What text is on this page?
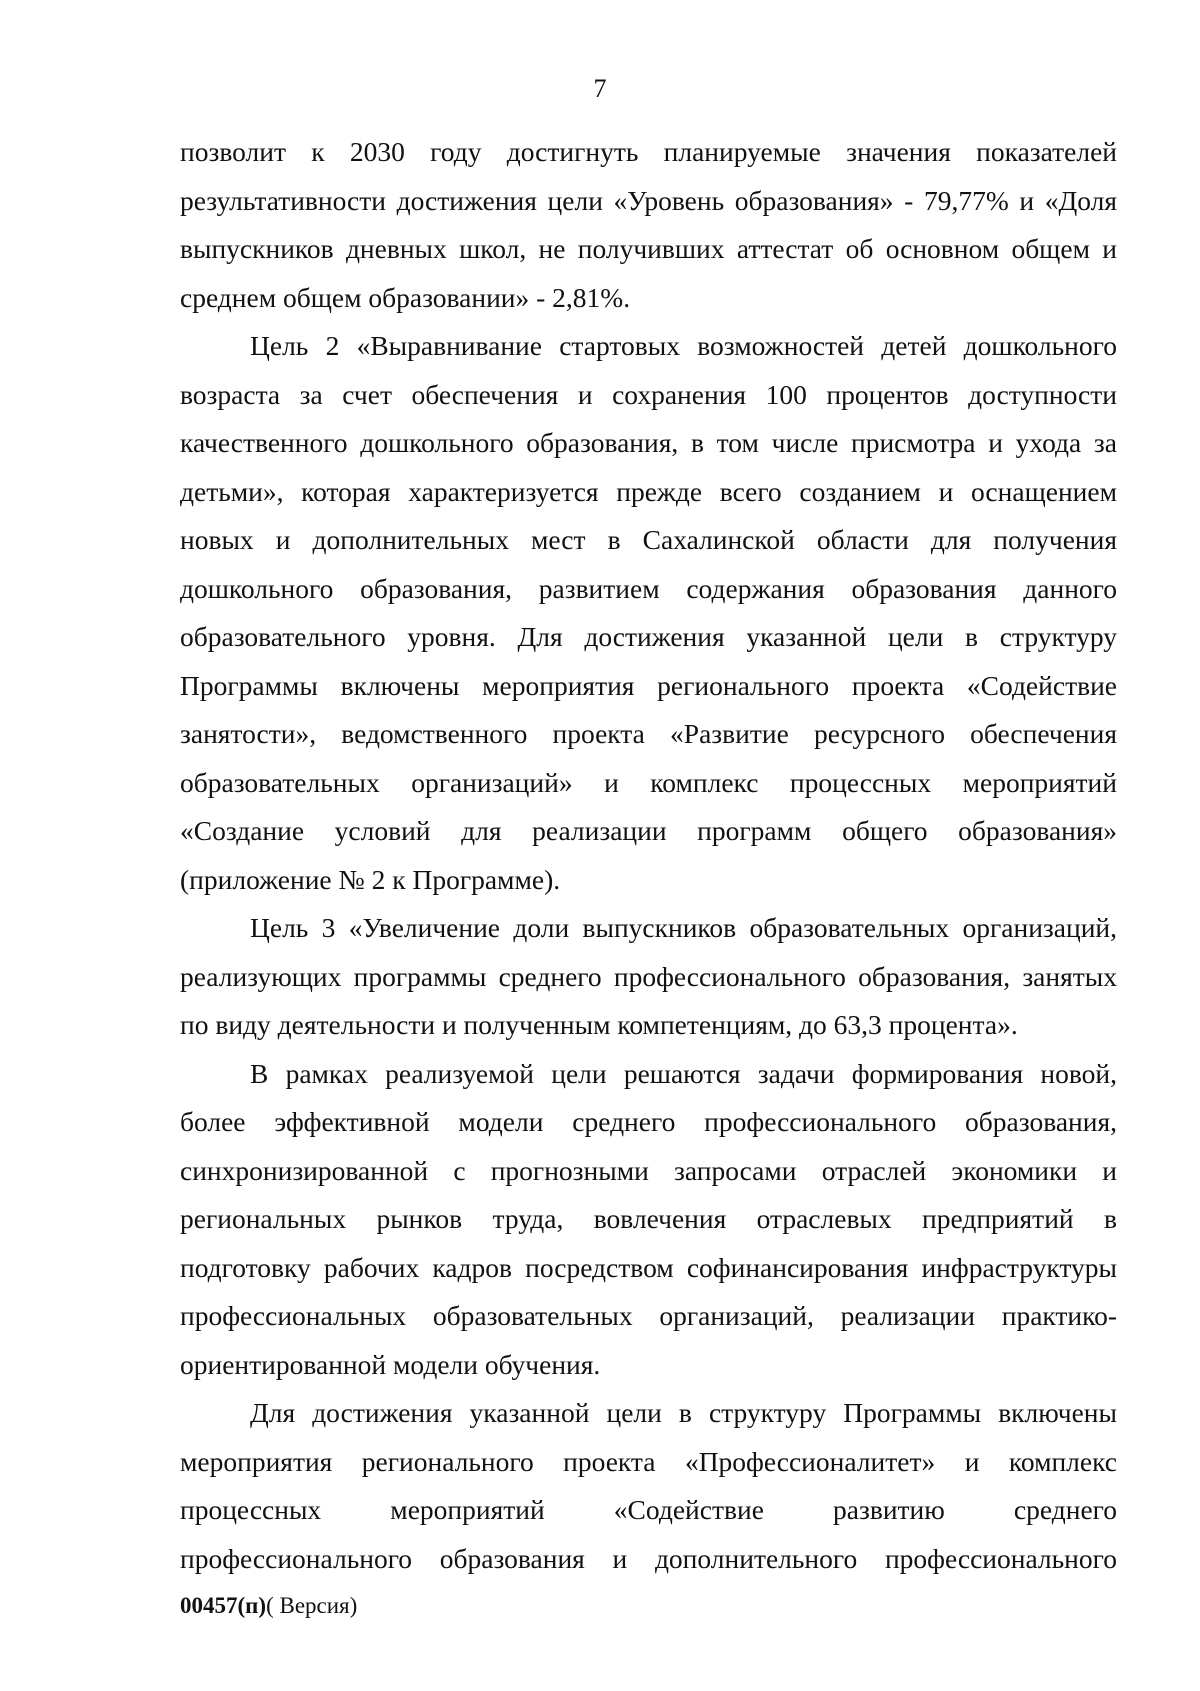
7
позволит к 2030 году достигнуть планируемые значения показателей
результативности достижения цели «Уровень образования» - 79,77% и «Доля
выпускников дневных школ, не получивших аттестат об основном общем и
среднем общем образовании» - 2,81%.
Цель 2 «Выравнивание стартовых возможностей детей дошкольного
возраста за счет обеспечения и сохранения 100 процентов доступности
качественного дошкольного образования, в том числе присмотра и ухода за
детьми», которая характеризуется прежде всего созданием и оснащением
новых и дополнительных мест в Сахалинской области для получения
дошкольного образования, развитием содержания образования данного
образовательного уровня. Для достижения указанной цели в структуру
Программы включены мероприятия регионального проекта «Содействие
занятости», ведомственного проекта «Развитие ресурсного обеспечения
образовательных организаций» и комплекс процессных мероприятий
«Создание условий для реализации программ общего образования»
(приложение № 2 к Программе).
Цель 3 «Увеличение доли выпускников образовательных организаций,
реализующих программы среднего профессионального образования, занятых
по виду деятельности и полученным компетенциям, до 63,3 процента».
В рамках реализуемой цели решаются задачи формирования новой,
более эффективной модели среднего профессионального образования,
синхронизированной с прогнозными запросами отраслей экономики и
региональных рынков труда, вовлечения отраслевых предприятий в
подготовку рабочих кадров посредством софинансирования инфраструктуры
профессиональных образовательных организаций, реализации практико-
ориентированной модели обучения.
Для достижения указанной цели в структуру Программы включены
мероприятия регионального проекта «Профессионалитет» и комплекс
процессных мероприятий «Содействие развитию среднего
профессионального образования и дополнительного профессионального
00457(п)( Версия)
